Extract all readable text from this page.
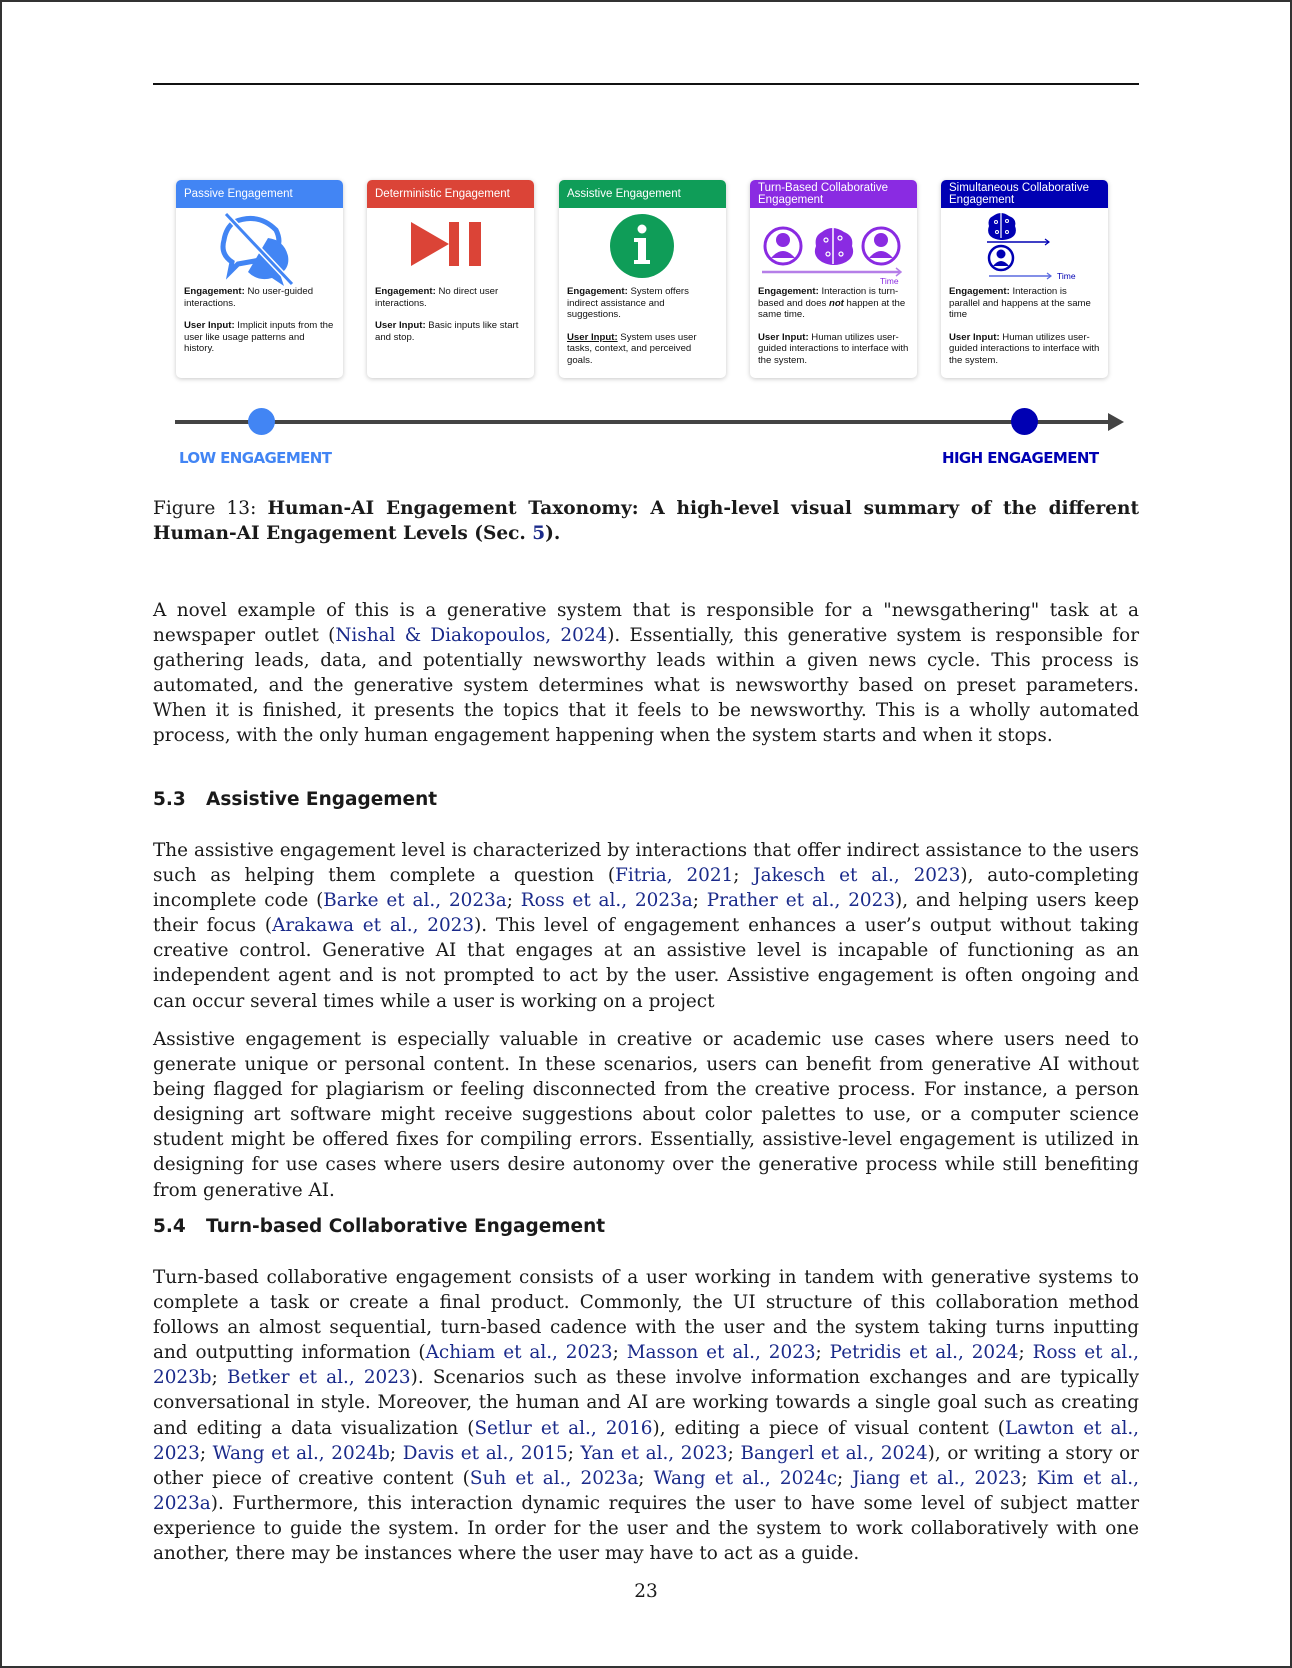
Passive Engagement

Engagement: No user-guided interactions.

User Input: Implicit inputs from the user like usage patterns and history.

Deterministic Engagement

Engagement: No direct user interactions.

User Input: Basic inputs like start and stop.

Assistive Engagement

Engagement: System offers indirect assistance and suggestions.

User Input: System uses user tasks, context, and perceived goals.

Turn-Based Collaborative Engagement
Time

Engagement: Interaction is turn-based and does not happen at the same time.

User Input: Human utilizes user-guided interactions to interface with the system.

Simultaneous Collaborative Engagement
Time

Engagement: Interaction is parallel and happens at the same time

User Input: Human utilizes user-guided interactions to interface with the system.

LOW ENGAGEMENT	HIGH ENGAGEMENT
Figure 13: Human-AI Engagement Taxonomy: A high-level visual summary of the different Human-AI Engagement Levels (Sec. 5).

A novel example of this is a generative system that is responsible for a "newsgathering" task at a newspaper outlet (Nishal & Diakopoulos, 2024). Essentially, this generative system is responsible for gathering leads, data, and potentially newsworthy leads within a given news cycle. This process is automated, and the generative system determines what is newsworthy based on preset parameters. When it is finished, it presents the topics that it feels to be newsworthy. This is a wholly automated process, with the only human engagement happening when the system starts and when it stops.

5.3 Assistive Engagement

The assistive engagement level is characterized by interactions that offer indirect assistance to the users such as helping them complete a question (Fitria, 2021; Jakesch et al., 2023), auto-completing incomplete code (Barke et al., 2023a; Ross et al., 2023a; Prather et al., 2023), and helping users keep their focus (Arakawa et al., 2023). This level of engagement enhances a user’s output without taking creative control. Generative AI that engages at an assistive level is incapable of functioning as an independent agent and is not prompted to act by the user. Assistive engagement is often ongoing and can occur several times while a user is working on a project

Assistive engagement is especially valuable in creative or academic use cases where users need to generate unique or personal content. In these scenarios, users can benefit from generative AI without being flagged for plagiarism or feeling disconnected from the creative process. For instance, a person designing art software might receive suggestions about color palettes to use, or a computer science student might be offered fixes for compiling errors. Essentially, assistive-level engagement is utilized in designing for use cases where users desire autonomy over the generative process while still benefiting from generative AI.

5.4 Turn-based Collaborative Engagement

Turn-based collaborative engagement consists of a user working in tandem with generative systems to complete a task or create a final product. Commonly, the UI structure of this collaboration method follows an almost sequential, turn-based cadence with the user and the system taking turns inputting and outputting information (Achiam et al., 2023; Masson et al., 2023; Petridis et al., 2024; Ross et al., 2023b; Betker et al., 2023). Scenarios such as these involve information exchanges and are typically conversational in style. Moreover, the human and AI are working towards a single goal such as creating and editing a data visualization (Setlur et al., 2016), editing a piece of visual content (Lawton et al., 2023; Wang et al., 2024b; Davis et al., 2015; Yan et al., 2023; Bangerl et al., 2024), or writing a story or other piece of creative content (Suh et al., 2023a; Wang et al., 2024c; Jiang et al., 2023; Kim et al., 2023a). Furthermore, this interaction dynamic requires the user to have some level of subject matter experience to guide the system. In order for the user and the system to work collaboratively with one another, there may be instances where the user may have to act as a guide.

23
